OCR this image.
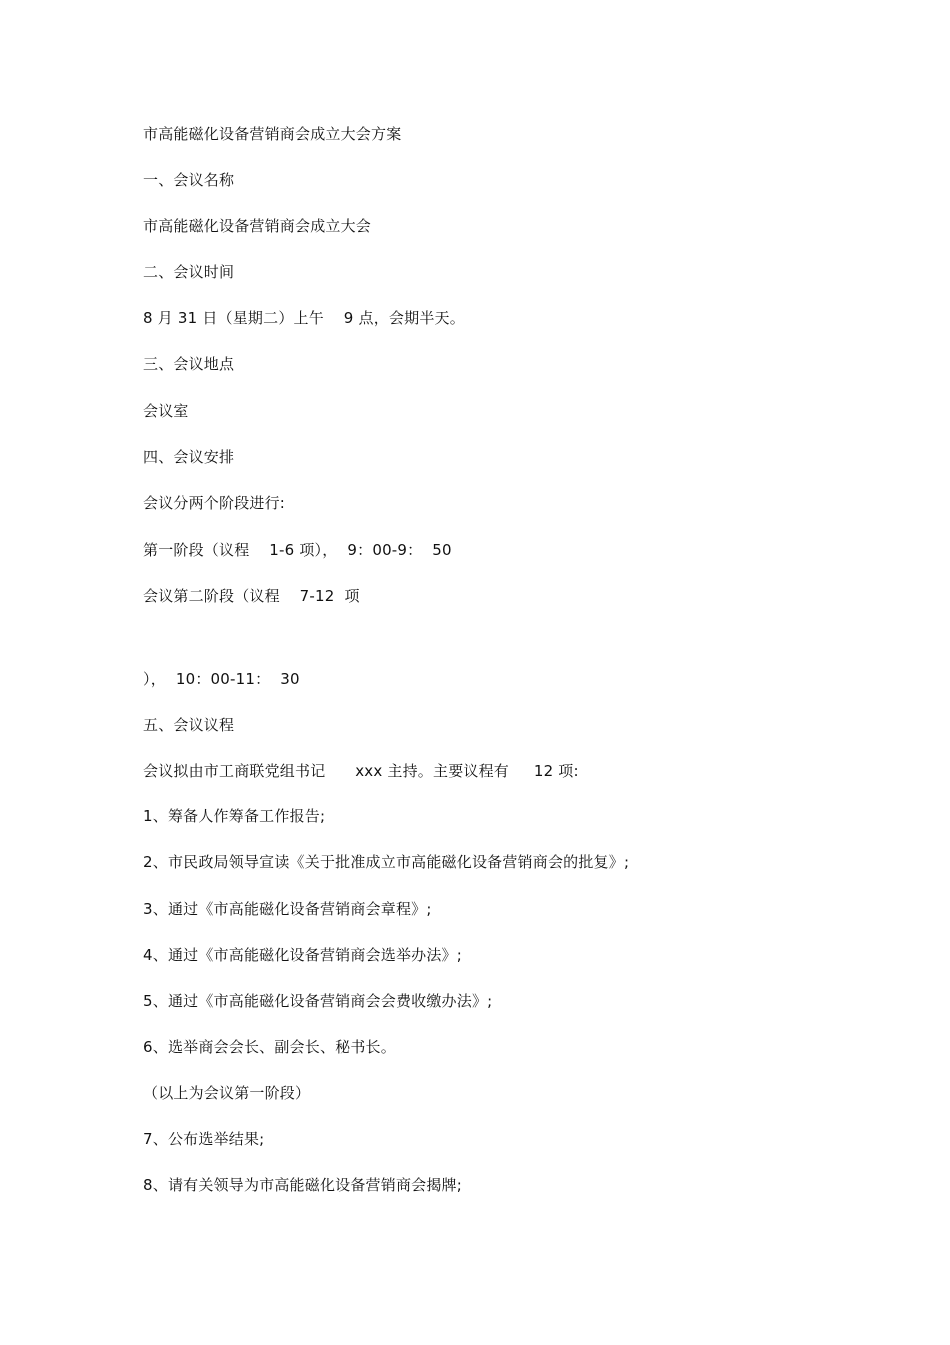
市高能磁化设备营销商会成立大会方案
一、会议名称
市高能磁化设备营销商会成立大会
二、会议时间
8 月 31 日（星期二）上午    9 点，会期半天。
三、会议地点
会议室
四、会议安排
会议分两个阶段进行:
第一阶段（议程    1-6 项），  9：00-9：  50
会议第二阶段（议程    7-12  项
），  10：00-11：  30
五、会议议程
会议拟由市工商联党组书记      xxx 主持。主要议程有     12 项:
1、筹备人作筹备工作报告;
2、市民政局领导宣读《关于批准成立市高能磁化设备营销商会的批复》;
3、通过《市高能磁化设备营销商会章程》;
4、通过《市高能磁化设备营销商会选举办法》;
5、通过《市高能磁化设备营销商会会费收缴办法》;
6、选举商会会长、副会长、秘书长。
（以上为会议第一阶段）
7、公布选举结果;
8、请有关领导为市高能磁化设备营销商会揭牌;
